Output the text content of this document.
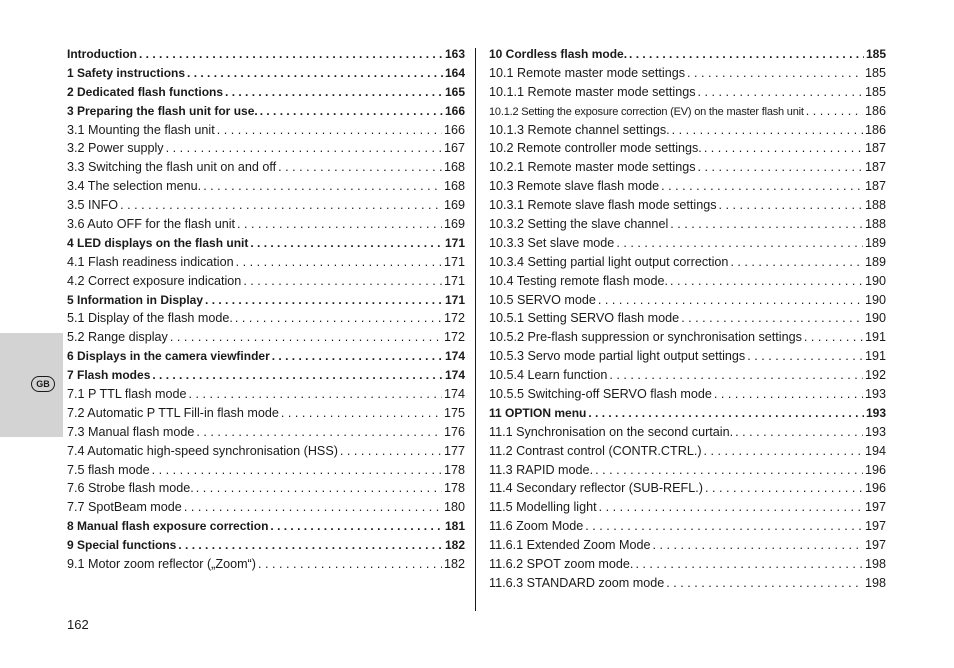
GB
Introduction . . .	163
1 Safety instructions . . .	164
2 Dedicated flash functions . . .	165
3 Preparing the flash unit for use. . . .	166
3.1 Mounting the flash unit . . .	166
3.2 Power supply . . .	167
3.3 Switching the flash unit on and off . . .	168
3.4 The selection menu. . . .	168
3.5 INFO . . .	169
3.6 Auto OFF for the flash unit . . .	169
4 LED displays on the flash unit . . .	171
4.1 Flash readiness indication . . .	171
4.2 Correct exposure indication . . .	171
5 Information in Display . . .	171
5.1 Display of the flash mode. . . .	172
5.2 Range display . . .	172
6 Displays in the camera viewfinder . . .	174
7 Flash modes . . .	174
7.1 P TTL flash mode . . .	174
7.2 Automatic P TTL Fill-in flash mode . . .	175
7.3 Manual flash mode . . .	176
7.4 Automatic high-speed synchronisation (HSS) . . .	177
7.5 flash mode . . .	178
7.6 Strobe flash mode. . . .	178
7.7 SpotBeam mode . . .	180
8 Manual flash exposure correction . . .	181
9 Special functions . . .	182
9.1 Motor zoom reflector („Zoom“) . . .	182
10 Cordless flash mode. . . .	185
10.1 Remote master mode settings . . .	185
10.1.1 Remote master mode settings . . .	185
10.1.2 Setting the exposure correction (EV) on the master flash unit . . .	186
10.1.3 Remote channel settings. . . .	186
10.2 Remote controller mode settings. . . .	187
10.2.1 Remote master mode settings . . .	187
10.3 Remote slave flash mode . . .	187
10.3.1 Remote slave flash mode settings . . .	188
10.3.2 Setting the slave channel . . .	188
10.3.3 Set slave mode . . .	189
10.3.4 Setting partial light output correction . . .	189
10.4 Testing remote flash mode. . . .	190
10.5 SERVO mode . . .	190
10.5.1 Setting SERVO flash mode . . .	190
10.5.2 Pre-flash suppression or synchronisation settings . . .	191
10.5.3 Servo mode partial light output settings . . .	191
10.5.4 Learn function . . .	192
10.5.5 Switching-off SERVO flash mode . . .	193
11 OPTION menu . . .	193
11.1 Synchronisation on the second curtain. . . .	193
11.2 Contrast control (CONTR.CTRL.) . . .	194
11.3 RAPID mode. . . .	196
11.4 Secondary reflector (SUB-REFL.) . . .	196
11.5 Modelling light . . .	197
11.6 Zoom Mode . . .	197
11.6.1 Extended Zoom Mode . . .	197
11.6.2 SPOT zoom mode. . . .	198
11.6.3 STANDARD zoom mode . . .	198
162
